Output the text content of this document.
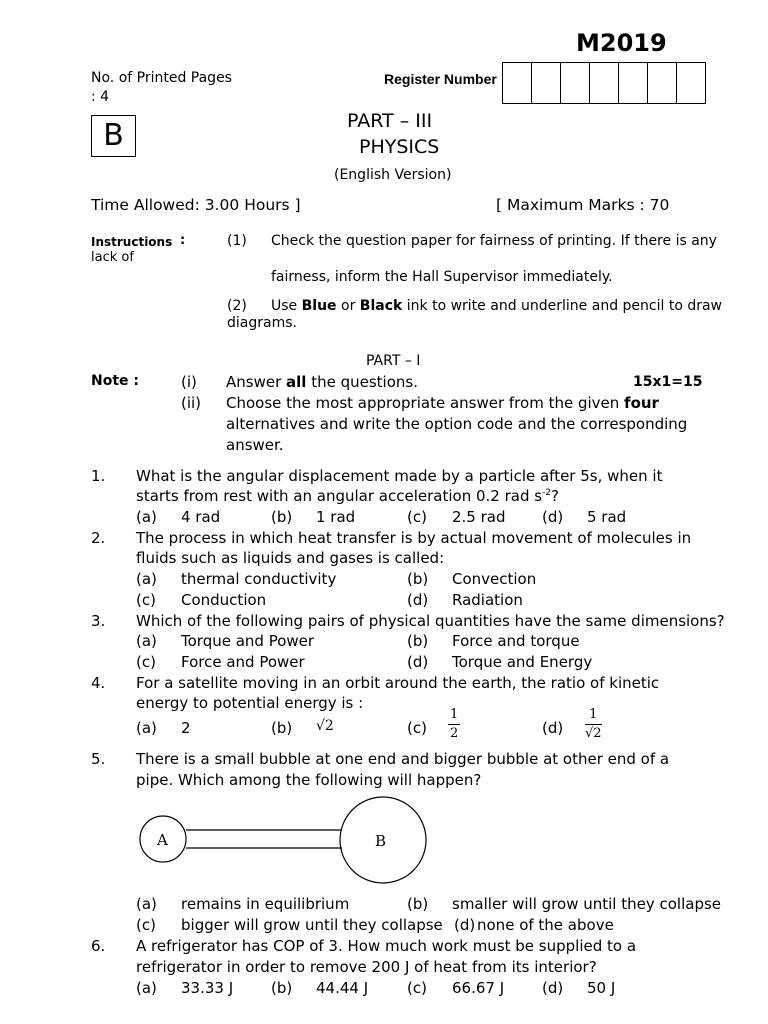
M2019
No. of Printed Pages
: 4
Register Number
B	PART – III
PHYSICS
(English Version)
Time Allowed: 3.00 Hours ]	[ Maximum Marks : 70
Instructions :
lack of
(1) Check the question paper for fairness of printing. If there is any
fairness, inform the Hall Supervisor immediately.
(2) Use Blue or Black ink to write and underline and pencil to draw
diagrams.
PART – I
Note :	(i) Answer all the questions.	15x1=15
(ii) Choose the most appropriate answer from the given four
alternatives and write the option code and the corresponding
answer.
1. What is the angular displacement made by a particle after 5s, when it
starts from rest with an angular acceleration 0.2 rad $s^{-2}$?
(a) 4 rad	(b) 1 rad	(c) 2.5 rad (d) 5 rad
2. The process in which heat transfer is by actual movement of molecules in
fluids such as liquids and gases is called:
(a) thermal conductivity	(b) Convection
(c) Conduction	(d) Radiation
3. Which of the following pairs of physical quantities have the same dimensions?
(a) Torque and Power	(b) Force and torque
(c) Force and Power	(d) Torque and Energy
4. For a satellite moving in an orbit around the earth, the ratio of kinetic
energy to potential energy is :
(a) 2	(b) √2	$(c) \frac{1}{2}$	$(d) \frac{1}{√2}$
5. There is a small bubble at one end and bigger bubble at other end of a
pipe. Which among the following will happen?
A	B
(a) remains in equilibrium	(b) smaller will grow until they collapse
(c) bigger will grow until they collapse (d) none of the above
6. A refrigerator has COP of 3. How much work must be supplied to a
refrigerator in order to remove 200 J of heat from its interior?
(a) 33.33 J	(b) 44.44 J	(c) 66.67 J	(d) 50 J
